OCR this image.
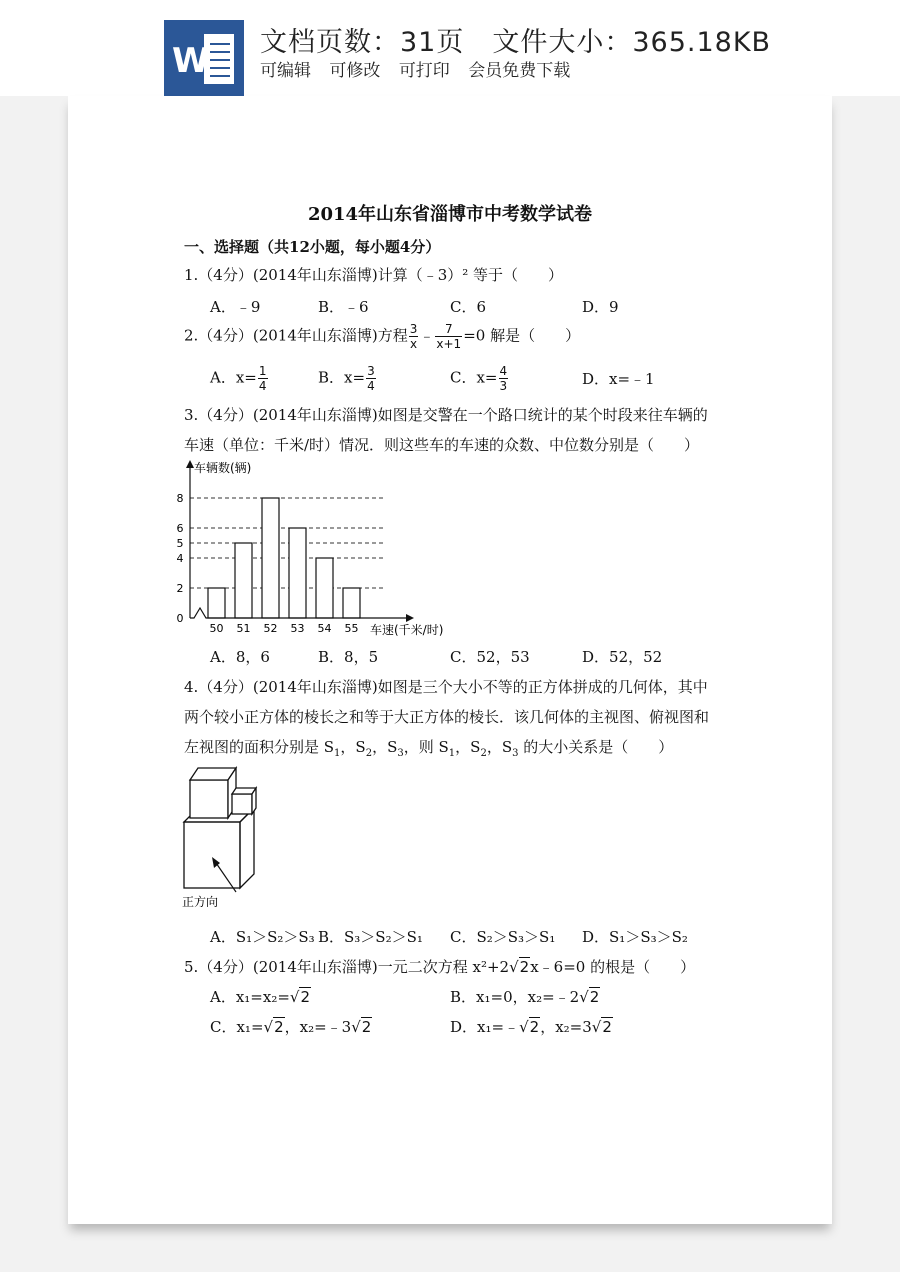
W 文档页数：31页 文件大小：365.18KB
可编辑 可修改 可打印 会员免费下载
2014年山东省淄博市中考数学试卷
一、选择题（共12小题，每小题4分）
1.（4分）(2014年山东淄博)计算（﹣3）² 等于（　　）
A．﹣9	B．﹣6	C．6	D．9
2.（4分）(2014年山东淄博)方程 $\frac{3}{x}$ ﹣ $\frac{7}{x+1} =0$ 解是（　　）
A．$x= \frac{1}{4}$	B．$x= \frac{3}{4}$	C．$x= \frac{4}{3}$	D．x=﹣1
3.（4分）(2014年山东淄博)如图是交警在一个路口统计的某个时段来往车辆的
车速（单位：千米/时）情况．则这些车的车速的众数、中位数分别是（　　）
0
2
4
5
6
8
50 51 52 53 54 55
车辆数(辆)
车速(千米/时)
A．8，6	B．8，5	C．52，53	D．52，52
4.（4分）(2014年山东淄博)如图是三个大小不等的正方体拼成的几何体，其中
两个较小正方体的棱长之和等于大正方体的棱长．该几何体的主视图、俯视图和
左视图的面积分别是 $S_1$，$S_2$，$S_3$，则 $S_1$，$S_2$，$S_3$ 的大小关系是（　　）
正方向
A．S₁＞S₂＞S₃ B．S₃＞S₂＞S₁ C．S₂＞S₃＞S₁ D．S₁＞S₃＞S₂
5.（4分）(2014年山东淄博)一元二次方程 x²+2√2x﹣6=0 的根是（　　）
A．x₁=x₂=√2	B．x₁=0，x₂=﹣2√2
C．x₁=√2，x₂=﹣3√2	D．x₁=﹣√2，x₂=3√2
